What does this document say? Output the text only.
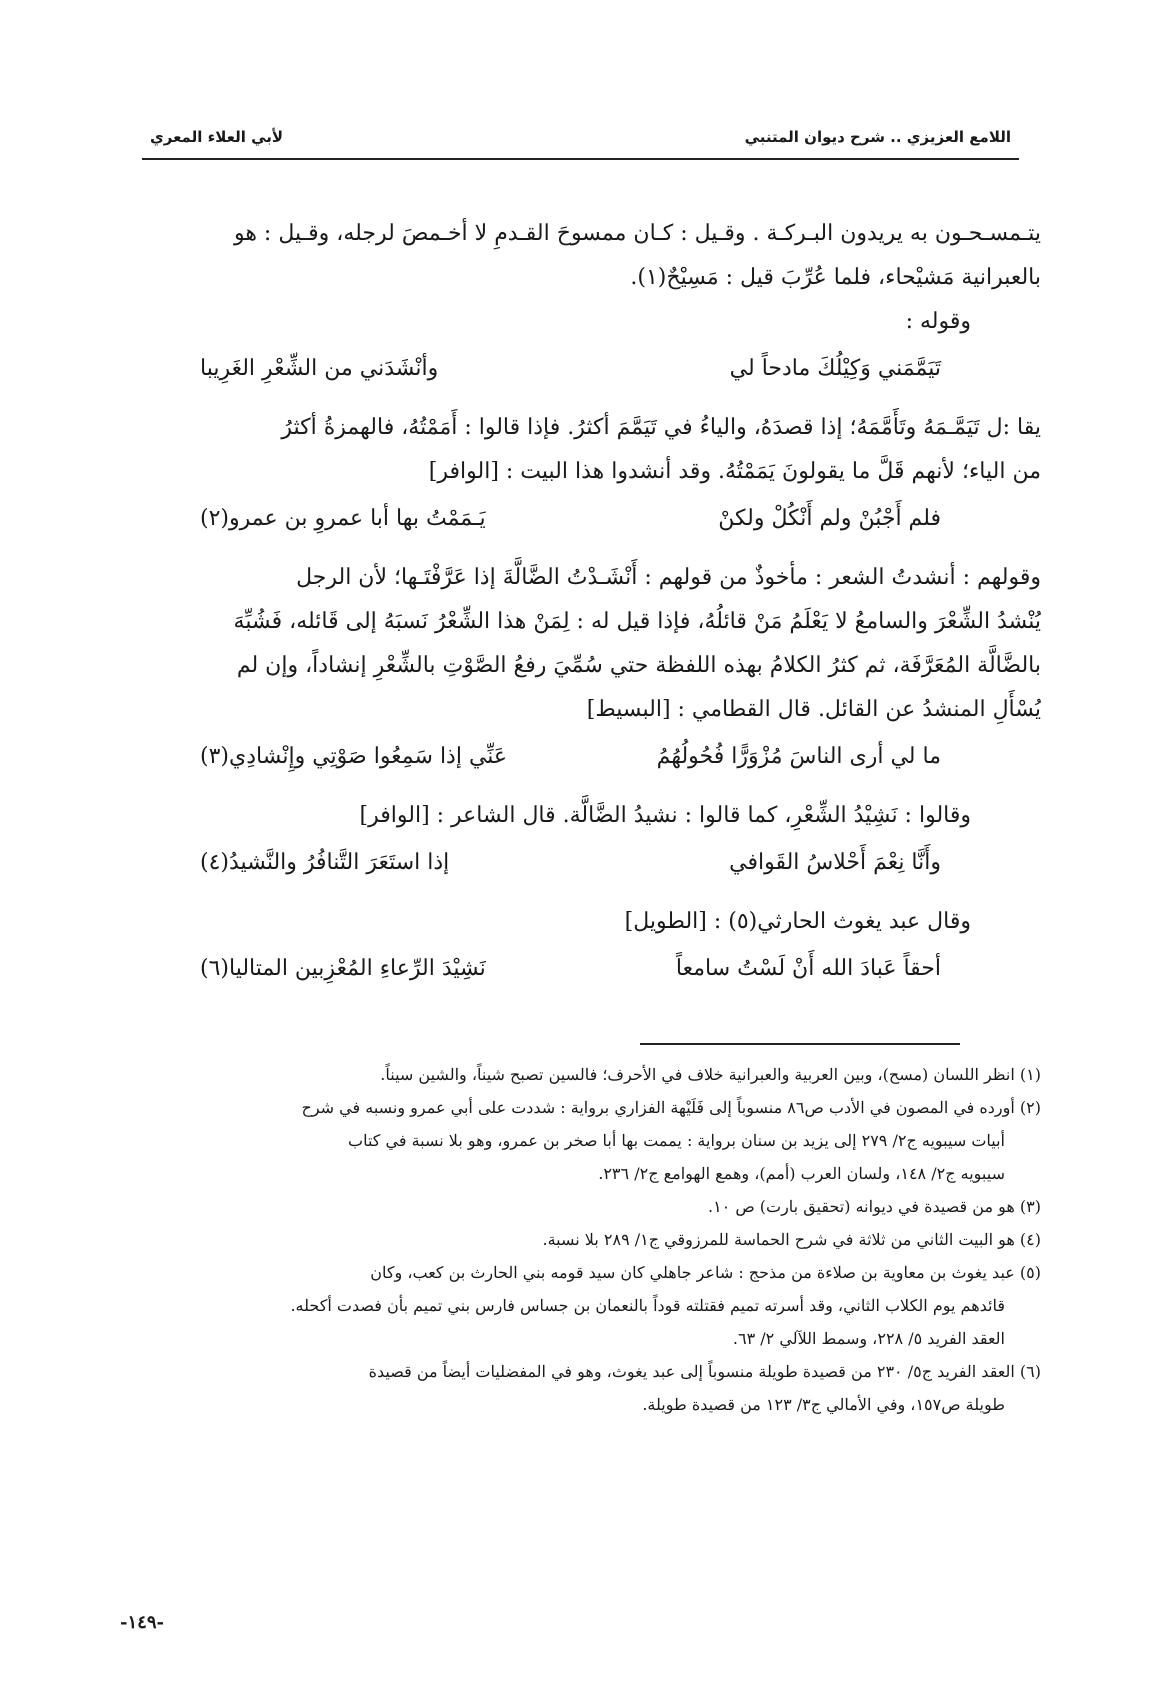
اللامع العزيزي .. شرح ديوان المتنبي
لأبي العلاء المعري
يتـمسـحـون به يريدون البـركـة . وقـيل : كـان ممسوحَ القـدمِ لا أخـمصَ لرجله، وقـيل : هو
بالعبرانية مَشيْحاء، فلما عُرِّبَ قيل : مَسِيْحٌ(١).
وقوله :
تَيَمَّمَني وَكِيْلُكَ مادحاً لي
وأنْشَدَني من الشِّعْرِ الغَرِيبا
يقا :ل تَيَمَّـمَهُ وتَأَمَّمَهُ؛ إذا قصدَهُ، والياءُ في تَيَمَّمَ أكثرُ. فإذا قالوا : أَمَمْتُهُ، فالهمزةُ أكثرُ
من الياء؛ لأنهم قَلَّ ما يقولونَ يَمَمْتُهُ. وقد أنشدوا هذا البيت : [الوافر]
فلم أَجْبُنْ ولم أَنْكُلْ ولكنْ
يَـمَمْتُ بها أبا عمروِ بن عمرو(٢)
وقولهم : أنشدتُ الشعر : مأخوذٌ من قولهم : أَنْشَـدْتُ الضَّالَّةَ إذا عَرَّفْتَـها؛ لأن الرجل
يُنْشدُ الشِّعْرَ والسامعُ لا يَعْلَمُ مَنْ قائلُهُ، فإذا قيل له : لِمَنْ هذا الشِّعْرُ نَسبَهُ إلى قَائله، فَشُبِّهَ
بالضَّالَّة المُعَرَّفَة، ثم كثرُ الكلامُ بهذه اللفظة حتي سُمِّيَ رفعُ الصَّوْتِ بالشِّعْرِ إنشاداً، وإن لم
يُسْأَلِ المنشدُ عن القائل. قال القطامي : [البسيط]
ما لي أرى الناسَ مُزْوَرًّا فُحُولُهُمُ
عَنِّي إذا سَمِعُوا صَوْتِي وإِنْشادِي(٣)
وقالوا : نَشِيْدُ الشِّعْرِ، كما قالوا : نشيدُ الضَّالَّة. قال الشاعر : [الوافر]
وأَنَّا نِعْمَ أَحْلاسُ القَوافي
إذا استَعَرَ التَّنافُرُ والنَّشيدُ(٤)
وقال عبد يغوث الحارثي(٥) : [الطويل]
أحقاً عَبادَ الله أَنْ لَسْتُ سامعاً
نَشِيْدَ الرِّعاءِ المُعْزِبين المتاليا(٦)
(١) انظر اللسان (مسح)، وبين العربية والعبرانية خلاف في الأحرف؛ فالسين تصبح شيناً، والشين سيناً.
(٢) أورده في المصون في الأدب ص٨٦ منسوباً إلى فَلَيْهة الفزاري برواية : شددت على أبي عمرو ونسبه في شرح
أبيات سيبويه ج٢/ ٢٧٩ إلى يزيد بن سنان برواية : يممت بها أبا صخر بن عمرو، وهو بلا نسبة في كتاب
سيبويه ج٢/ ١٤٨، ولسان العرب (أمم)، وهمع الهوامع ج٢/ ٢٣٦.
(٣) هو من قصيدة في ديوانه (تحقيق بارت) ص ١٠.
(٤) هو البيت الثاني من ثلاثة في شرح الحماسة للمرزوقي ج١/ ٢٨٩ بلا نسبة.
(٥) عبد يغوث بن معاوية بن صلاءة من مذحج : شاعر جاهلي كان سيد قومه بني الحارث بن كعب، وكان
قائدهم يوم الكلاب الثاني، وقد أسرته تميم فقتلته قوداً بالنعمان بن جساس فارس بني تميم بأن فصدت أكحله.
العقد الفريد ٥/ ٢٢٨، وسمط اللآلي ٢/ ٦٣.
(٦) العقد الفريد ج٥/ ٢٣٠ من قصيدة طويلة منسوباً إلى عبد يغوث، وهو في المفضليات أيضاً من قصيدة
طويلة ص١٥٧، وفي الأمالي ج٣/ ١٢٣ من قصيدة طويلة.
-١٤٩-
